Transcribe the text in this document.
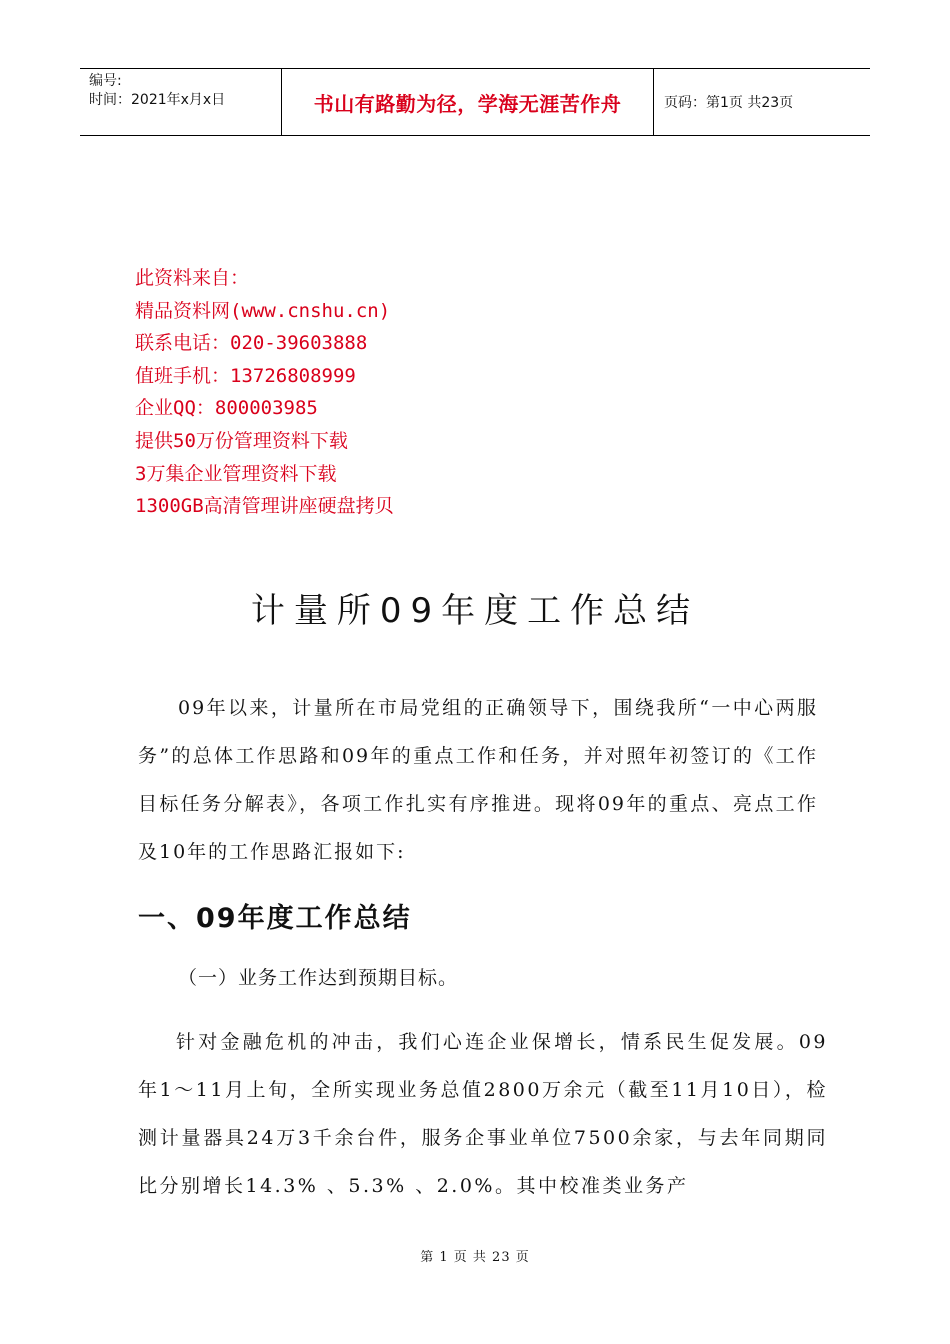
编号:
时间：2021年x月x日	书山有路勤为径，学海无涯苦作舟	页码：第1页 共23页
此资料来自：
精品资料网(www.cnshu.cn)
联系电话：020-39603888
值班手机：13726808999
企业QQ：800003985
提供50万份管理资料下载
3万集企业管理资料下载
1300GB高清管理讲座硬盘拷贝
计量所09年度工作总结
09年以来，计量所在市局党组的正确领导下，围绕我所“一中心两服务”的总体工作思路和09年的重点工作和任务，并对照年初签订的《工作目标任务分解表》，各项工作扎实有序推进。现将09年的重点、亮点工作及10年的工作思路汇报如下:
一、09年度工作总结
（一）业务工作达到预期目标。
针对金融危机的冲击，我们心连企业保增长，情系民生促发展。09年1～11月上旬，全所实现业务总值2800万余元（截至11月10日），检测计量器具24万3千余台件，服务企事业单位7500余家，与去年同期同比分别增长14.3% 、5.3% 、2.0%。其中校准类业务产
第 1 页 共 23 页
